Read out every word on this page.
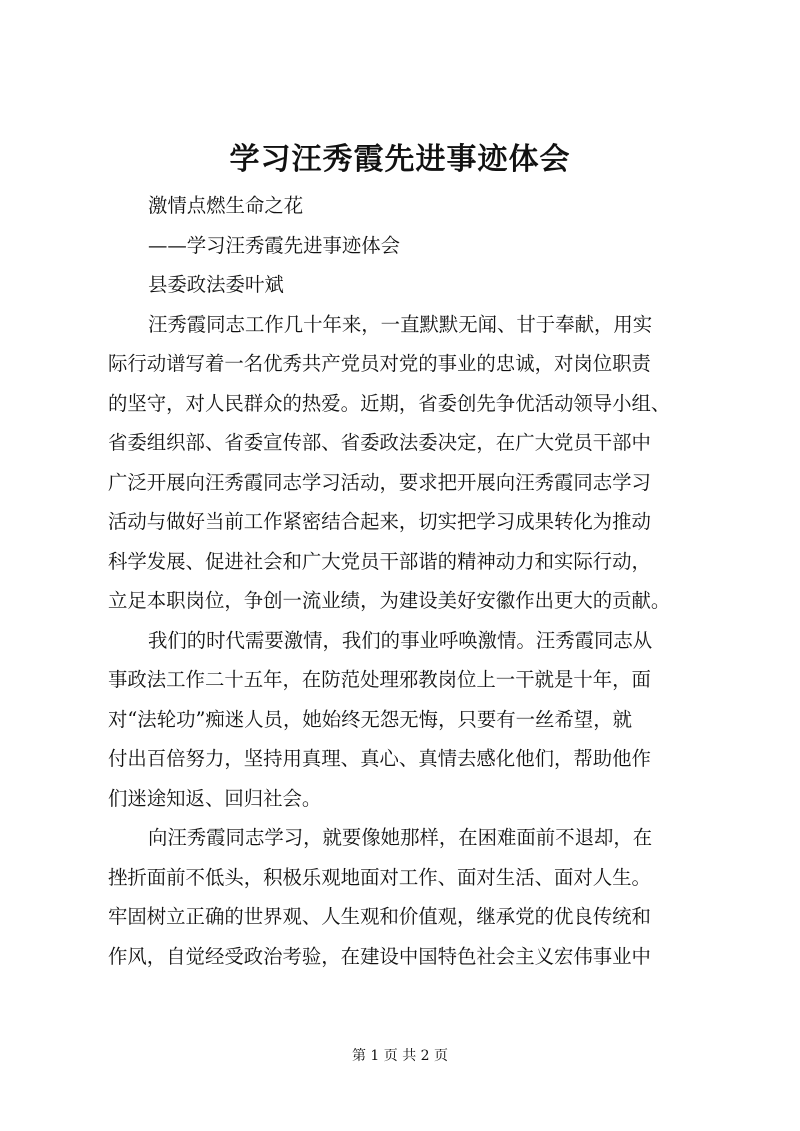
学习汪秀霞先进事迹体会
激情点燃生命之花
——学习汪秀霞先进事迹体会
县委政法委叶斌
汪秀霞同志工作几十年来，一直默默无闻、甘于奉献，用实
际行动谱写着一名优秀共产党员对党的事业的忠诚，对岗位职责
的坚守，对人民群众的热爱。近期，省委创先争优活动领导小组、
省委组织部、省委宣传部、省委政法委决定，在广大党员干部中
广泛开展向汪秀霞同志学习活动，要求把开展向汪秀霞同志学习
活动与做好当前工作紧密结合起来，切实把学习成果转化为推动
科学发展、促进社会和广大党员干部谐的精神动力和实际行动，
立足本职岗位，争创一流业绩，为建设美好安徽作出更大的贡献。
我们的时代需要激情，我们的事业呼唤激情。汪秀霞同志从
事政法工作二十五年，在防范处理邪教岗位上一干就是十年，面
对“法轮功”痴迷人员，她始终无怨无悔，只要有一丝希望，就
付出百倍努力，坚持用真理、真心、真情去感化他们，帮助他作
们迷途知返、回归社会。
向汪秀霞同志学习，就要像她那样，在困难面前不退却，在
挫折面前不低头，积极乐观地面对工作、面对生活、面对人生。
牢固树立正确的世界观、人生观和价值观，继承党的优良传统和
作风，自觉经受政治考验，在建设中国特色社会主义宏伟事业中
第 1 页 共 2 页
